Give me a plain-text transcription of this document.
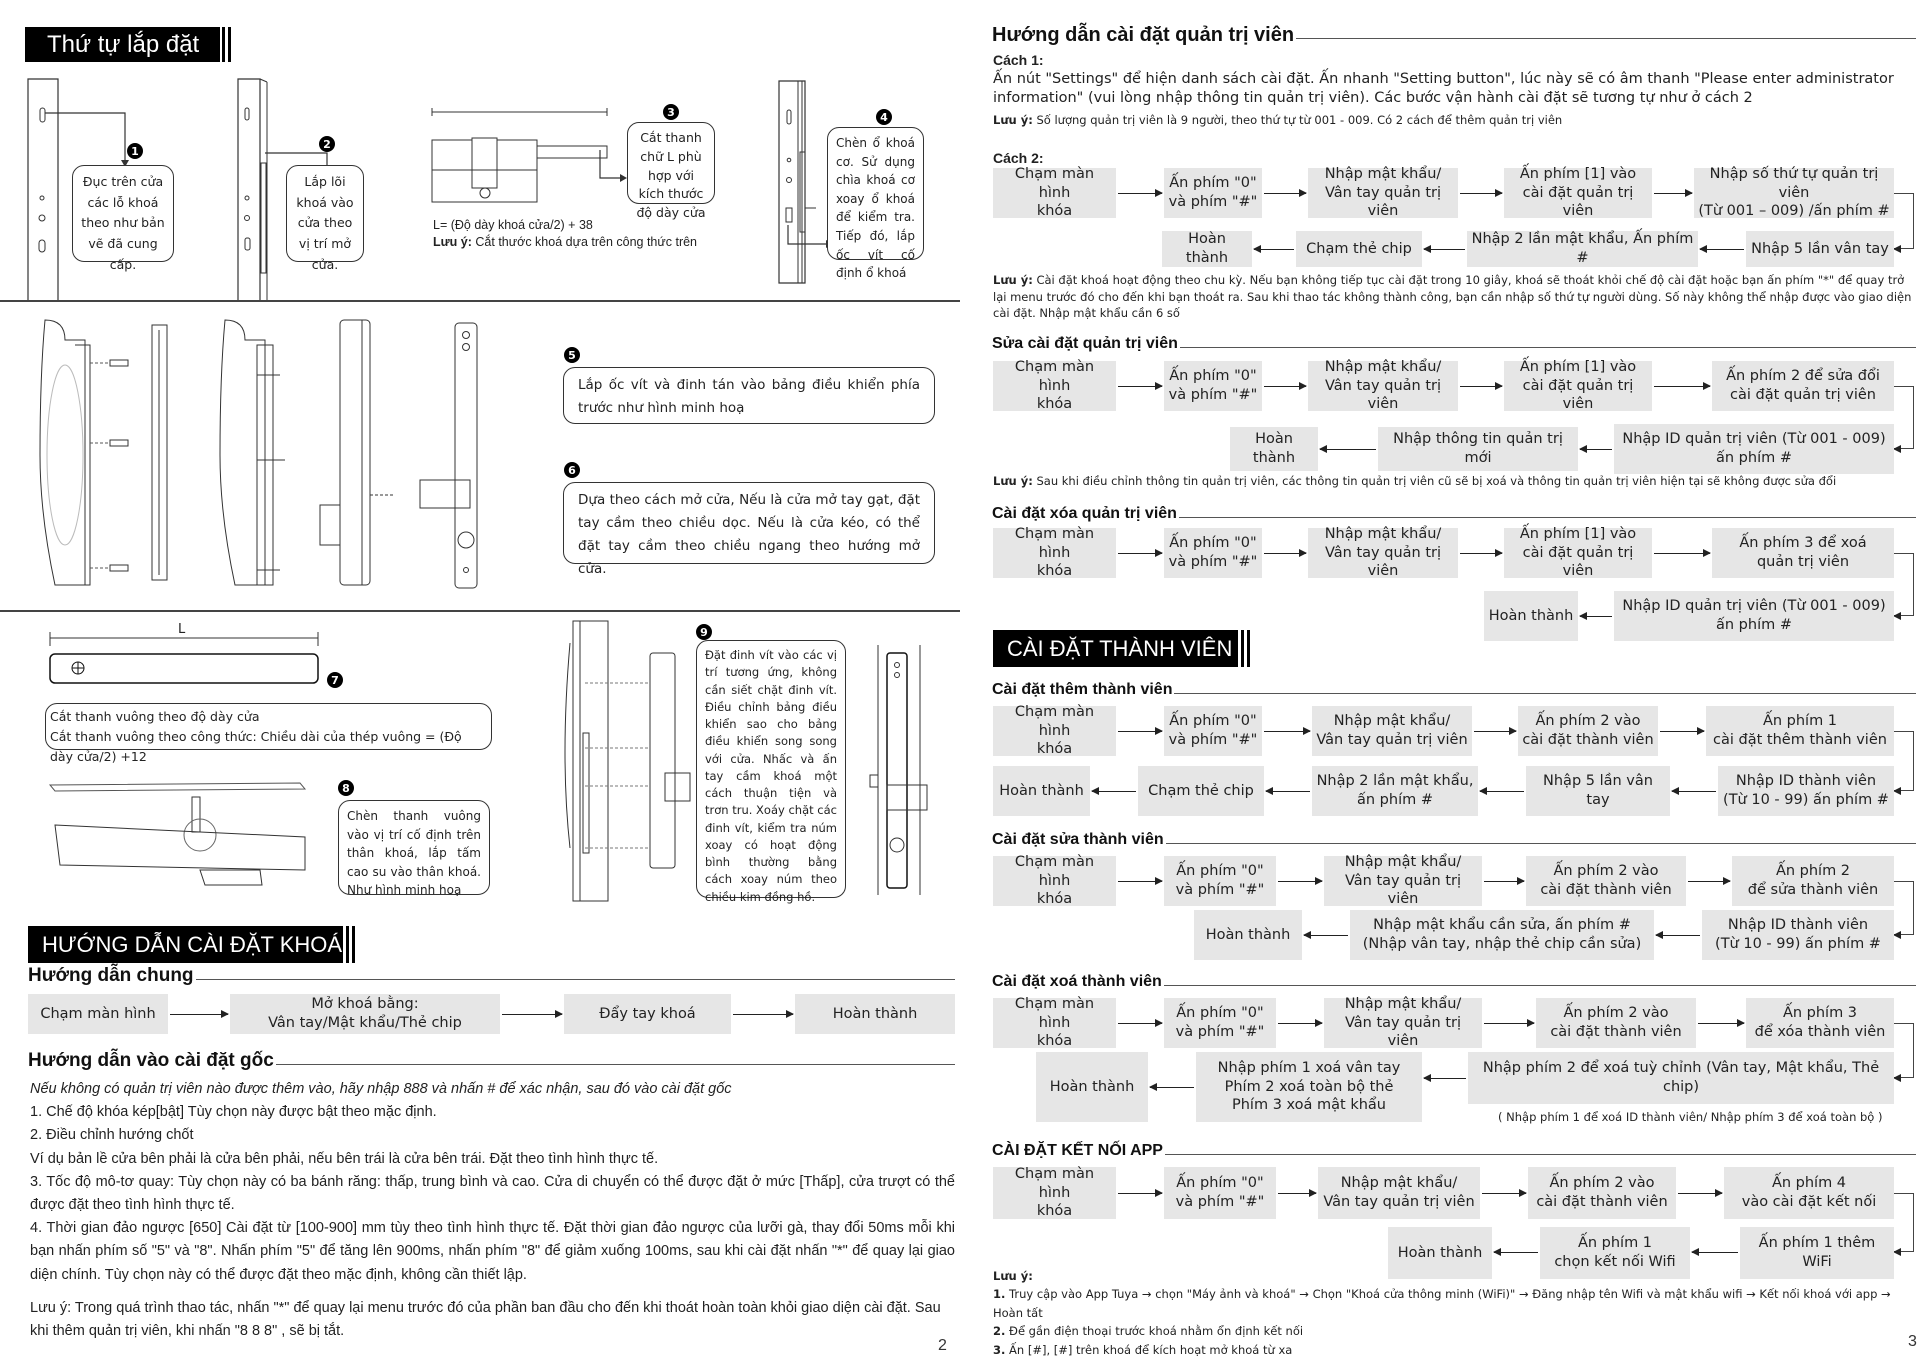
Thứ tự lắp đặt
1
Đục trên cửa các lỗ khoá theo như bản vẽ đã cung cấp.
2
Lắp lõi khoá vào cửa theo vị trí mở cửa.
3
Cắt thanh chữ L phù hợp với kích thước độ dày cửa
L= (Độ dày khoá cửa/2) + 38
Lưu ý: Cắt thước khoá dựa trên công thức trên
4
Chèn ổ khoá cơ. Sử dụng chìa khoá cơ xoay ổ khoá để kiểm tra. Tiếp đó, lắp ốc vít cố định ổ khoá
5
Lắp ốc vít và đinh tán vào bảng điều khiển phía trước như hình minh hoạ
6
Dựa theo cách mở cửa, Nếu là cửa mở tay gạt, đặt tay cầm theo chiều dọc. Nếu là cửa kéo, có thể đặt tay cầm theo chiều ngang theo hướng mở cửa.
L
7
Cắt thanh vuông theo độ dày cửa
Cắt thanh vuông theo công thức: Chiều dài của thép vuông = (Độ dày cửa/2) +12
8
Chèn thanh vuông vào vị trí cố định trên thân khoá, lắp tấm cao su vào thân khoá. Như hình minh hoạ
9
Đặt đinh vít vào các vị trí tương ứng, không cần siết chặt đinh vít. Điều chỉnh bảng điều khiển sao cho bảng điều khiển song song với cửa. Nhấc và ấn tay cầm khoá một cách thuận tiện và trơn tru. Xoáy chặt các đinh vít, kiểm tra núm xoay có hoạt động bình thường bằng cách xoay núm theo chiều kim đồng hồ.
HƯỚNG DẪN CÀI ĐẶT KHOÁ
Hướng dẫn chung
Chạm màn hình
Mở khoá bằng:
Vân tay/Mật khẩu/Thẻ chip
Đẩy tay khoá	Hoàn thành
Hướng dẫn vào cài đặt gốc
Nếu không có quản trị viên nào được thêm vào, hãy nhập 888 và nhấn # để xác nhận, sau đó vào cài đặt gốc
1. Chế độ khóa kép[bật] Tùy chọn này được bật theo mặc định.
2. Điều chỉnh hướng chốt
Ví dụ bản lề cửa bên phải là cửa bên phải, nếu bên trái là cửa bên trái. Đặt theo tình hình thực tế.
3. Tốc độ mô-tơ quay: Tùy chọn này có ba bánh răng: thấp, trung bình và cao. Cửa di chuyển có thể được đặt ở mức [Thấp], cửa trượt có thể được đặt theo tình hình thực tế.
4. Thời gian đảo ngược [650] Cài đặt từ [100-900] mm tùy theo tình hình thực tế. Đặt thời gian đảo ngược của lưỡi gà, thay đổi 50ms mỗi khi bạn nhấn phím số "5" và "8". Nhấn phím "5" để tăng lên 900ms, nhấn phím "8" để giảm xuống 100ms, sau khi cài đặt nhấn "*" để quay lại giao diện chính. Tùy chọn này có thể được đặt theo mặc định, không cần thiết lập.
Lưu ý: Trong quá trình thao tác, nhấn "*" để quay lại menu trước đó của phần ban đầu cho đến khi thoát hoàn toàn khỏi giao diện cài đặt. Sau khi thêm quản trị viên, khi nhấn "8 8 8" , sẽ bị tắt.
2
Hướng dẫn cài đặt quản trị viên
Cách 1:
Ấn nút "Settings" để hiện danh sách cài đặt. Ấn nhanh "Setting button", lúc này sẽ có âm thanh "Please enter administrator information" (vui lòng nhập thông tin quản trị viên). Các bước vận hành cài đặt sẽ tương tự như ở cách 2
Lưu ý: Số lượng quản trị viên là 9 người, theo thứ tự từ 001 - 009. Có 2 cách để thêm quản trị viên
Cách 2:
Chạm màn hình
khóa
Ấn phím "0"
và phím "#"
Nhập mật khẩu/
Vân tay quản trị viên
Ấn phím [1] vào
cài đặt quản trị viên
Nhập số thứ tự quản trị viên
(Từ 001 – 009) /ấn phím #
Nhập 5 lần vân tay
Nhập 2 lần mật khẩu, Ấn phím #
Chạm thẻ chip
Hoàn thành
Lưu ý: Cài đặt khoá hoạt động theo chu kỳ. Nếu bạn không tiếp tục cài đặt trong 10 giây, khoá sẽ thoát khỏi chế độ cài đặt hoặc bạn ấn phím "*" để quay trở lại menu trước đó cho đến khi bạn thoát ra. Sau khi thao tác không thành công, bạn cần nhập số thứ tự người dùng. Số này không thể nhập được vào giao diện cài đặt. Nhập mật khẩu cần 6 số
Sửa cài đặt quản trị viên
Chạm màn hình
khóa
Ấn phím "0"
và phím "#"
Nhập mật khẩu/
Vân tay quản trị viên
Ấn phím [1] vào
cài đặt quản trị viên
Ấn phím 2 để sửa đổi
cài đặt quản trị viên
Nhập ID quản trị viên (Từ 001 - 009)
ấn phím #
Nhập thông tin quản trị mới
Hoàn thành
Lưu ý: Sau khi điều chỉnh thông tin quản trị viên, các thông tin quản trị viên cũ sẽ bị xoá và thông tin quản trị viên hiện tại sẽ không được sửa đổi
Cài đặt xóa quản trị viên
Chạm màn hình
khóa
Ấn phím "0"
và phím "#"
Nhập mật khẩu/
Vân tay quản trị viên
Ấn phím [1] vào
cài đặt quản trị viên
Ấn phím 3 để xoá
quản trị viên
Nhập ID quản trị viên (Từ 001 - 009)
ấn phím #
Hoàn thành
CÀI ĐẶT THÀNH VIÊN
Cài đặt thêm thành viên
Chạm màn hình
khóa
Ấn phím "0"
và phím "#"
Nhập mật khẩu/
Vân tay quản trị viên
Ấn phím 2 vào
cài đặt thành viên
Ấn phím 1
cài đặt thêm thành viên
Nhập ID thành viên
(Từ 10 - 99) ấn phím #
Nhập 5 lần vân tay
Nhập 2 lần mật khẩu,
ấn phím #
Chạm thẻ chip
Hoàn thành
Cài đặt sửa thành viên
Chạm màn hình
khóa
Ấn phím "0"
và phím "#"
Nhập mật khẩu/
Vân tay quản trị viên
Ấn phím 2 vào
cài đặt thành viên
Ấn phím 2
để sửa thành viên
Nhập ID thành viên
(Từ 10 - 99) ấn phím #
Nhập mật khẩu cần sửa, ấn phím #
(Nhập vân tay, nhập thẻ chip cần sửa)
Hoàn thành
Cài đặt xoá thành viên
Chạm màn hình
khóa
Ấn phím "0"
và phím "#"
Nhập mật khẩu/
Vân tay quản trị viên
Ấn phím 2 vào
cài đặt thành viên
Ấn phím 3
để xóa thành viên
Nhập phím 2 để xoá tuỳ chỉnh (Vân tay, Mật khẩu, Thẻ chip)
Nhập phím 1 xoá vân tay
Phím 2 xoá toàn bộ thẻ
Phím 3 xoá mật khẩu
Hoàn thành
( Nhập phím 1 để xoá ID thành viên/ Nhập phím 3 để xoá toàn bộ )
CÀI ĐẶT KẾT NỐI APP
Chạm màn hình
khóa
Ấn phím "0"
và phím "#"
Nhập mật khẩu/
Vân tay quản trị viên
Ấn phím 2 vào
cài đặt thành viên
Ấn phím 4
vào cài đặt kết nối
Ấn phím 1 thêm WiFi
Ấn phím 1
chọn kết nối Wifi
Hoàn thành
Lưu ý:
1. Truy cập vào App Tuya → chọn "Máy ảnh và khoá" → Chọn "Khoá cửa thông minh (WiFi)" → Đăng nhập tên Wifi và mật khẩu wifi → Kết nối khoá với app → Hoàn tất
2. Để gần điện thoại trước khoá nhằm ổn định kết nối
3. Ấn [#], [#] trên khoá để kích hoạt mở khoá từ xa	3
